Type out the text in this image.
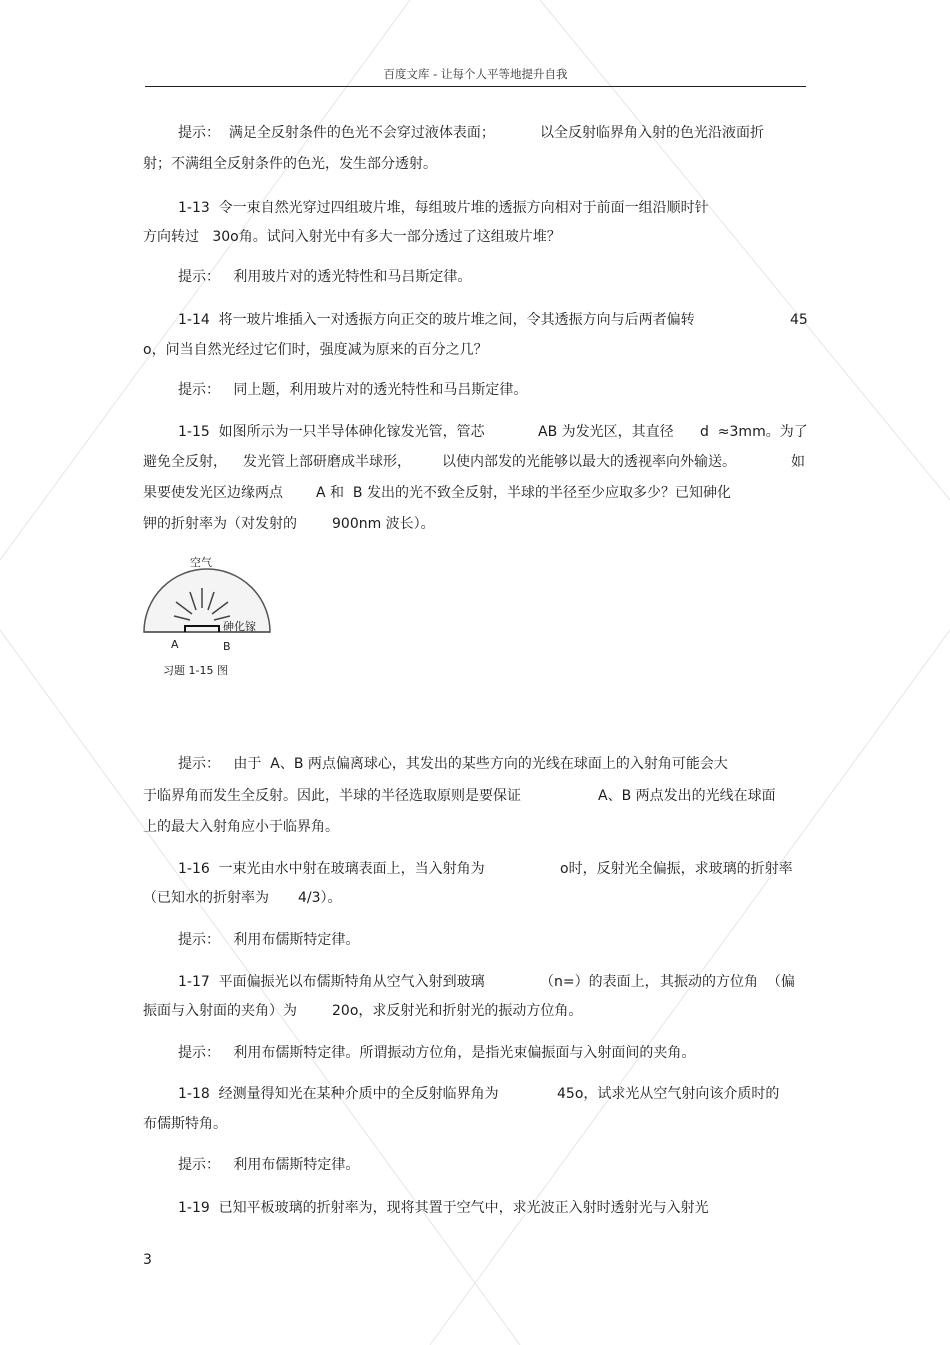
百度文库 - 让每个人平等地提升自我
提示：  满足全反射条件的色光不会穿过液体表面；	以全反射临界角入射的色光沿液面折
射；不满组全反射条件的色光，发生部分透射。
1-13  令一束自然光穿过四组玻片堆，每组玻片堆的透振方向相对于前面一组沿顺时针
方向转过   30o角。试问入射光中有多大一部分透过了这组玻片堆？
提示：   利用玻片对的透光特性和马吕斯定律。
1-14  将一玻片堆插入一对透振方向正交的玻片堆之间，令其透振方向与后两者偏转	45
o，问当自然光经过它们时，强度减为原来的百分之几？
提示：   同上题，利用玻片对的透光特性和马吕斯定律。
1-15  如图所示为一只半导体砷化镓发光管，管芯	AB 为发光区，其直径 d  ≈3mm。为了
避免全反射， 发光管上部研磨成半球形， 以使内部发的光能够以最大的透视率向外输送。	如
果要使发光区边缘两点 A 和  B 发出的光不致全反射，半球的半径至少应取多少？已知砷化
钾的折射率为（对发射的	900nm 波长）。
提示：   由于  A、B 两点偏离球心，其发出的某些方向的光线在球面上的入射角可能会大
于临界角而发生全反射。因此，半球的半径选取原则是要保证	A、B 两点发出的光线在球面
上的最大入射角应小于临界角。
1-16  一束光由水中射在玻璃表面上，当入射角为	o时，反射光全偏振，求玻璃的折射率
（已知水的折射率为 4/3）。
提示：   利用布儒斯特定律。
1-17  平面偏振光以布儒斯特角从空气入射到玻璃	（n=）的表面上， 其振动的方位角  （偏
振面与入射面的夹角）为	20o，求反射光和折射光的振动方位角。
提示：   利用布儒斯特定律。所谓振动方位角，是指光束偏振面与入射面间的夹角。
1-18  经测量得知光在某种介质中的全反射临界角为	45o，试求光从空气射向该介质时的
布儒斯特角。
提示：   利用布儒斯特定律。
1-19  已知平板玻璃的折射率为，现将其置于空气中，求光波正入射时透射光与入射光
空气
砷化镓
A	B
习题 1-15 图
3
